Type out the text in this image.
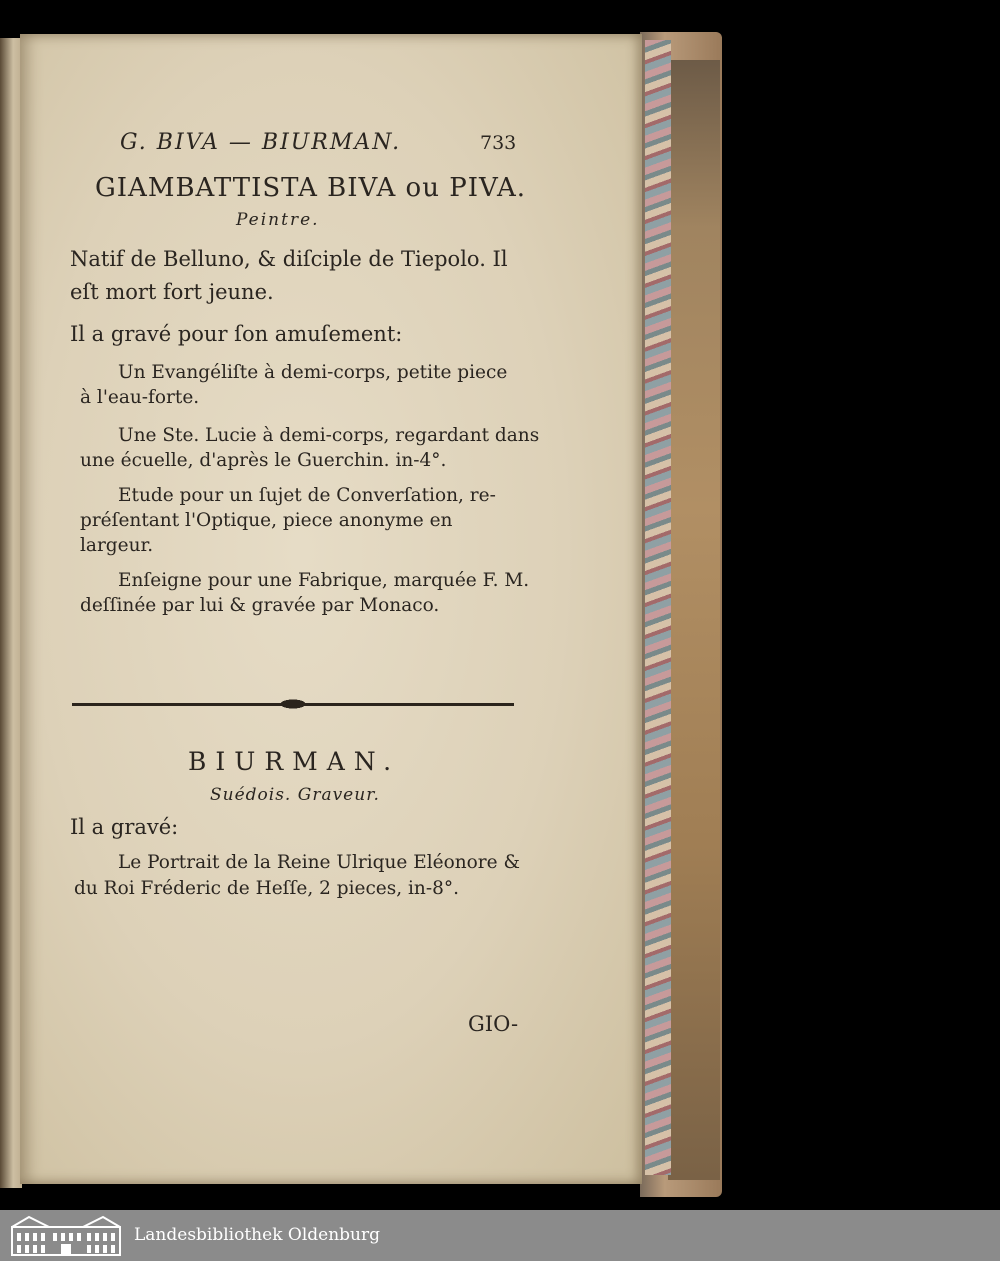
G. BIVA — BIURMAN.	733
GIAMBATTISTA BIVA ou PIVA.
Peintre.
Natif de Belluno, & diſciple de Tiepolo. Il
eſt mort fort jeune.
Il a gravé pour ſon amuſement:
Un Evangéliſte à demi-corps, petite piece
à l'eau-forte.
Une Ste. Lucie à demi-corps, regardant dans
une écuelle, d'après le Guerchin. in-4°.
Etude pour un ſujet de Converſation, re-
préſentant l'Optique, piece anonyme en
largeur.
Enſeigne pour une Fabrique, marquée F. M.
deſſinée par lui & gravée par Monaco.
BIURMAN.
Suédois. Graveur.
Il a gravé:
Le Portrait de la Reine Ulrique Eléonore &
du Roi Fréderic de Heſſe, 2 pieces, in-8°.
GIO-
Landesbibliothek Oldenburg
